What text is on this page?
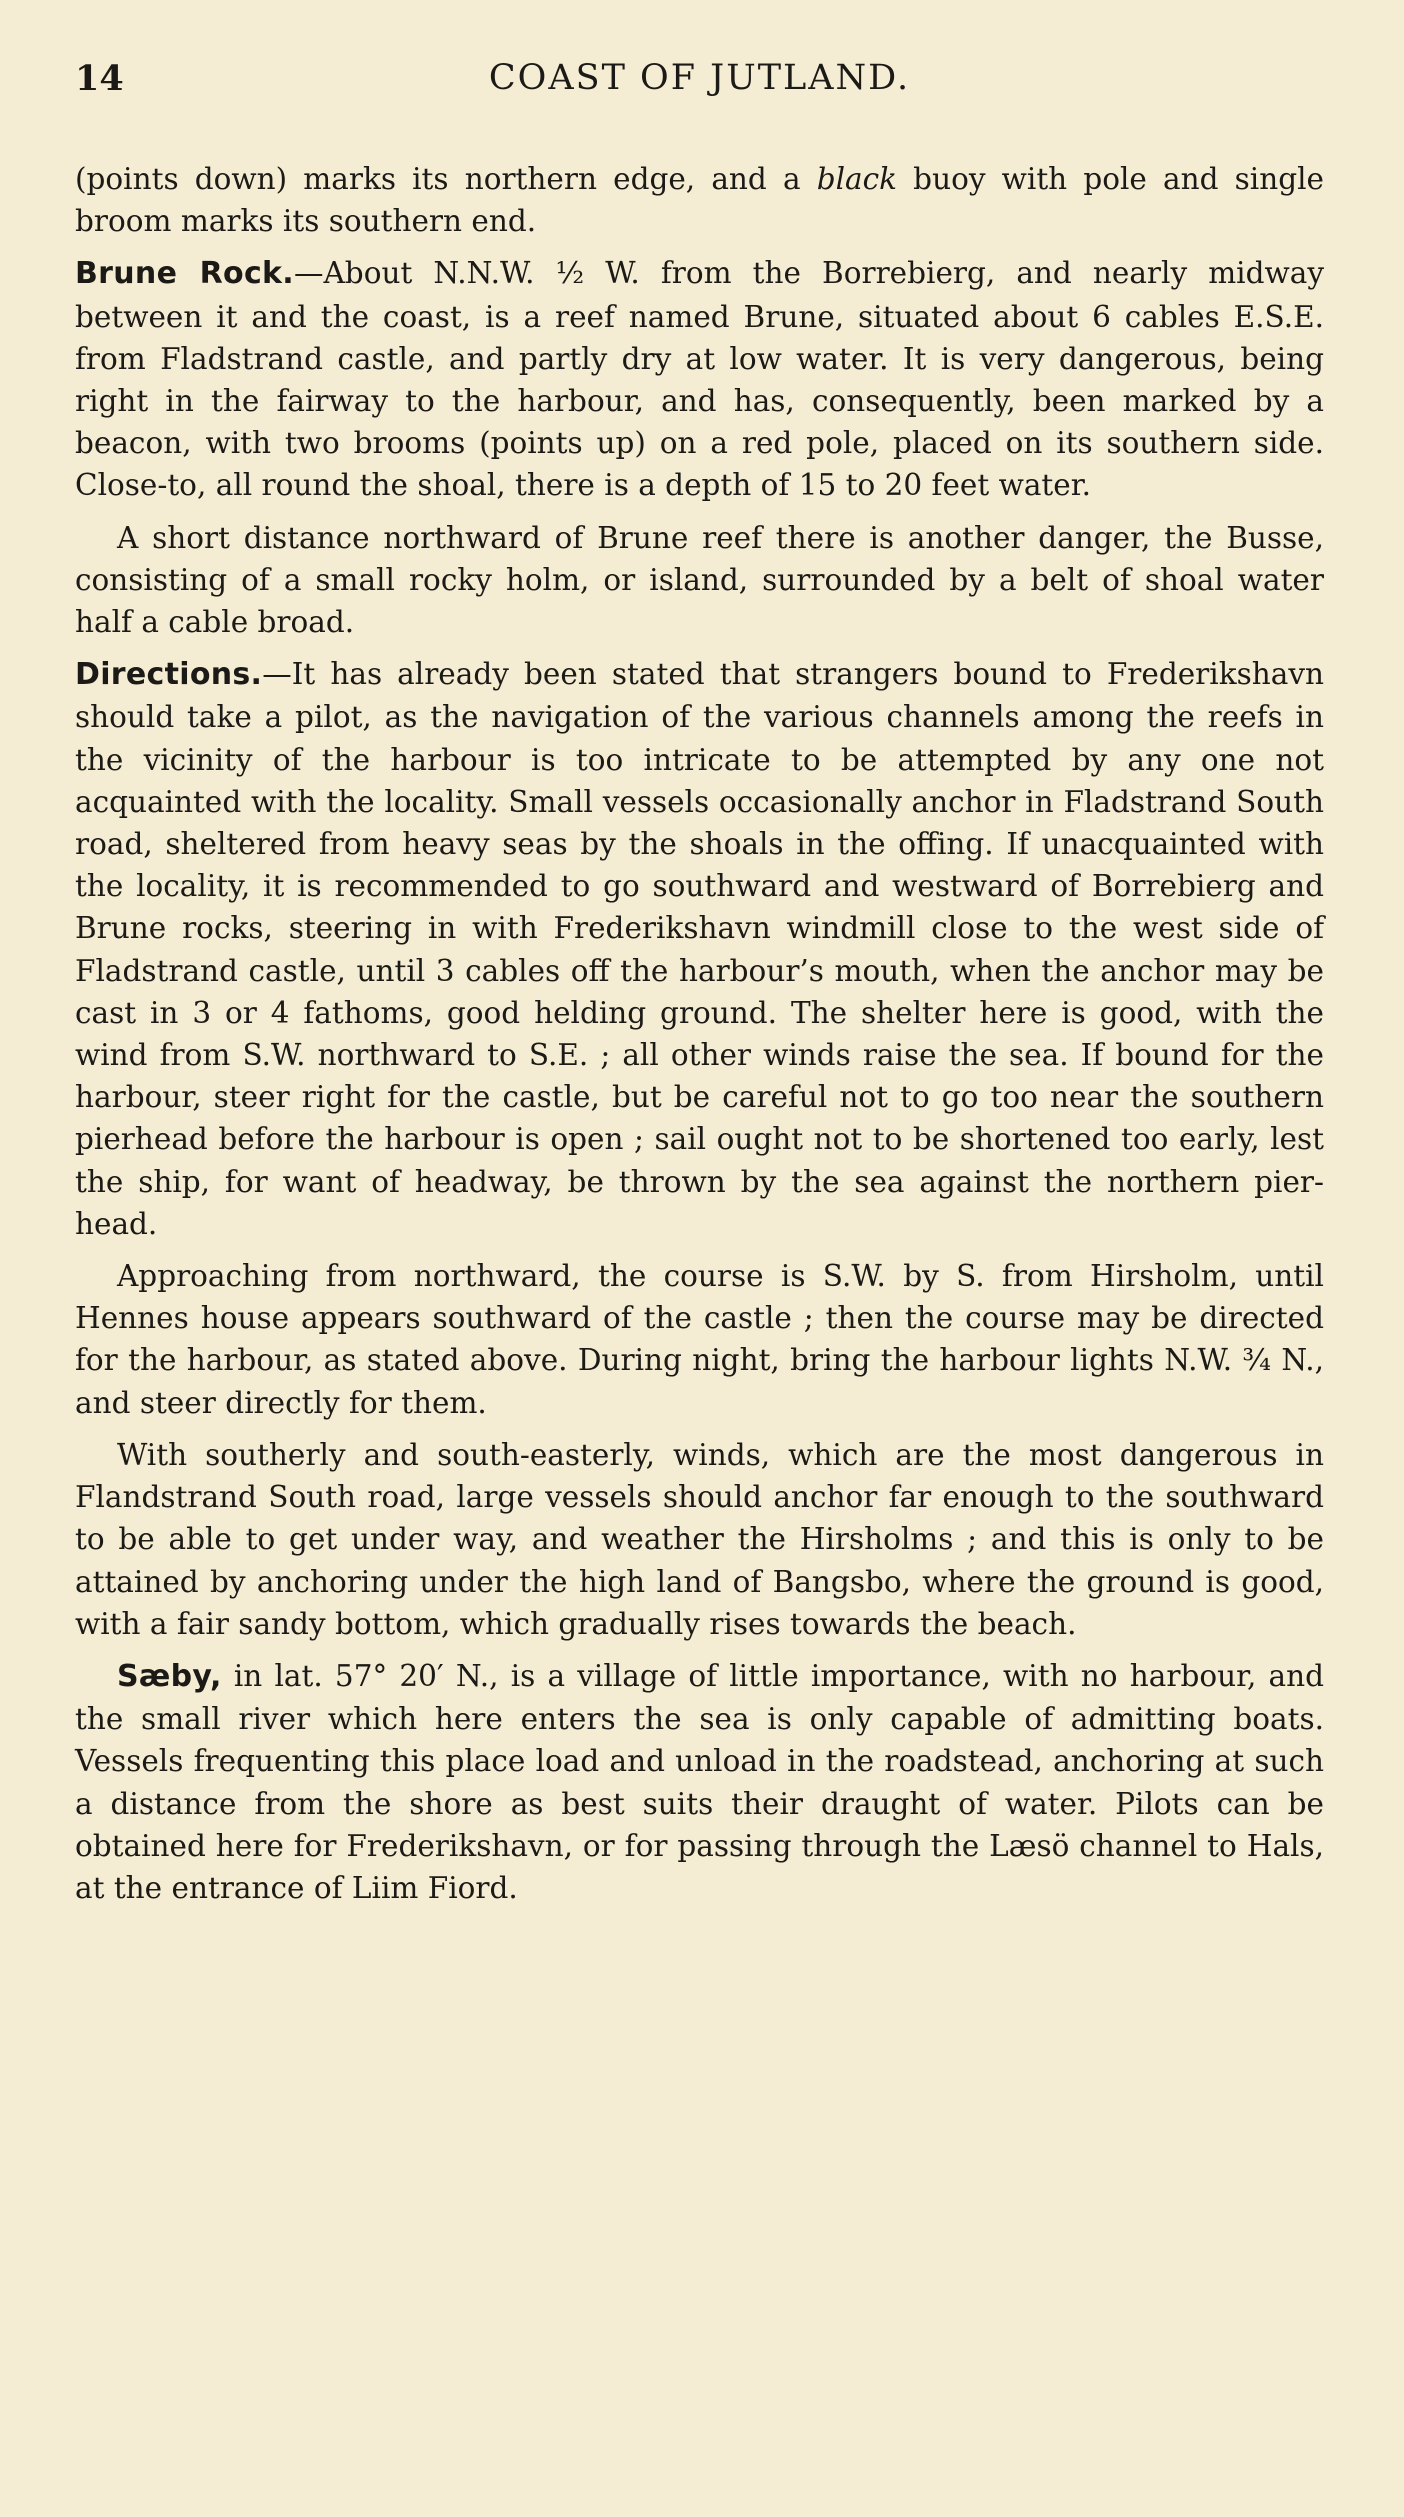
14	COAST OF JUTLAND.

(points down) marks its northern edge, and a black buoy with pole and single broom marks its southern end.

Brune Rock.—About N.N.W. ½ W. from the Borrebierg, and nearly midway between it and the coast, is a reef named Brune, situated about 6 cables E.S.E. from Fladstrand castle, and partly dry at low water. It is very dangerous, being right in the fairway to the harbour, and has, consequently, been marked by a beacon, with two brooms (points up) on a red pole, placed on its southern side. Close-to, all round the shoal, there is a depth of 15 to 20 feet water.

A short distance northward of Brune reef there is another danger, the Busse, consisting of a small rocky holm, or island, surrounded by a belt of shoal water half a cable broad.

Directions.—It has already been stated that strangers bound to Frederikshavn should take a pilot, as the navigation of the various channels among the reefs in the vicinity of the harbour is too intricate to be attempted by any one not acquainted with the locality. Small vessels occasionally anchor in Fladstrand South road, sheltered from heavy seas by the shoals in the offing. If unacquainted with the locality, it is recommended to go southward and westward of Borrebierg and Brune rocks, steering in with Frederikshavn windmill close to the west side of Fladstrand castle, until 3 cables off the harbour’s mouth, when the anchor may be cast in 3 or 4 fathoms, good helding ground. The shelter here is good, with the wind from S.W. northward to S.E. ; all other winds raise the sea. If bound for the harbour, steer right for the castle, but be careful not to go too near the southern pierhead before the harbour is open ; sail ought not to be shortened too early, lest the ship, for want of headway, be thrown by the sea against the northern pier-head.

Approaching from northward, the course is S.W. by S. from Hirsholm, until Hennes house appears southward of the castle ; then the course may be directed for the harbour, as stated above. During night, bring the harbour lights N.W. ¾ N., and steer directly for them.

With southerly and south-easterly, winds, which are the most dangerous in Flandstrand South road, large vessels should anchor far enough to the southward to be able to get under way, and weather the Hirsholms ; and this is only to be attained by anchoring under the high land of Bangsbo, where the ground is good, with a fair sandy bottom, which gradually rises towards the beach.

Sæby, in lat. 57° 20′ N., is a village of little importance, with no harbour, and the small river which here enters the sea is only capable of admitting boats. Vessels frequenting this place load and unload in the roadstead, anchoring at such a distance from the shore as best suits their draught of water. Pilots can be obtained here for Frederikshavn, or for passing through the Læsö channel to Hals, at the entrance of Liim Fiord.
